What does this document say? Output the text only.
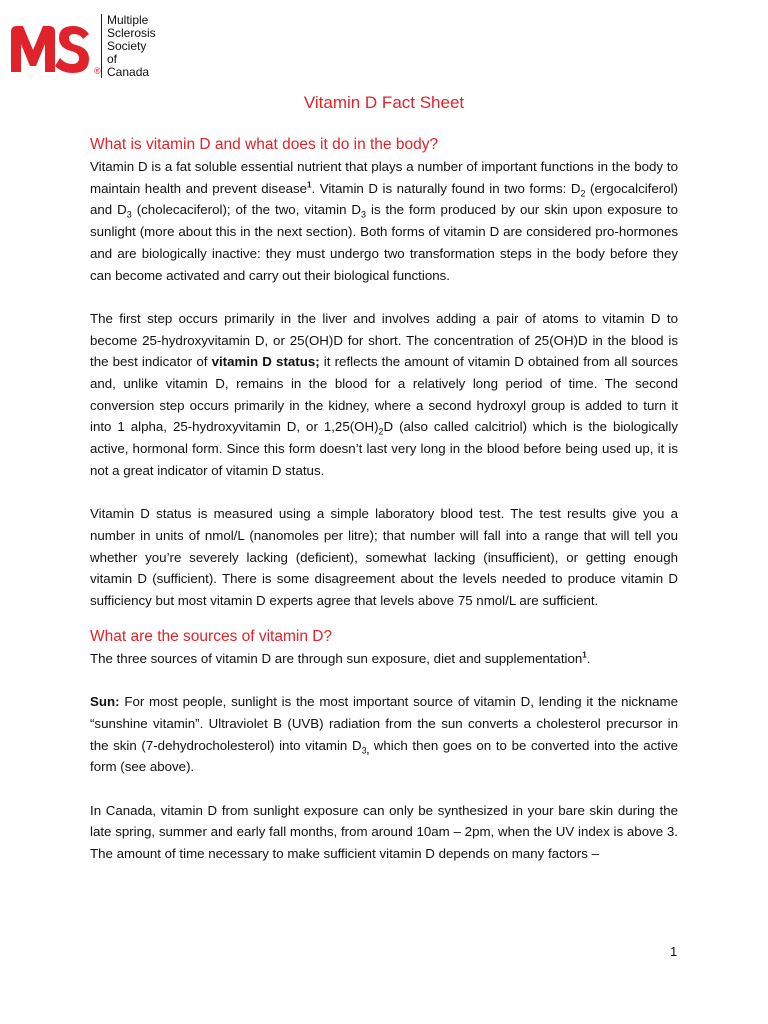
®
Multiple
Sclerosis
Society of
Canada
Vitamin D Fact Sheet
What is vitamin D and what does it do in the body?

Vitamin D is a fat soluble essential nutrient that plays a number of important functions in the body to maintain health and prevent disease$^1$. Vitamin D is naturally found in two forms: $D_2$ (ergocalciferol) and $D_3$ (cholecaciferol); of the two, vitamin $D_3$ is the form produced by our skin upon exposure to sunlight (more about this in the next section). Both forms of vitamin D are considered pro-hormones and are biologically inactive: they must undergo two transformation steps in the body before they can become activated and carry out their biological functions.

The first step occurs primarily in the liver and involves adding a pair of atoms to vitamin D to become 25-hydroxyvitamin D, or 25(OH)D for short. The concentration of 25(OH)D in the blood is the best indicator of vitamin D status; it reflects the amount of vitamin D obtained from all sources and, unlike vitamin D, remains in the blood for a relatively long period of time. The second conversion step occurs primarily in the kidney, where a second hydroxyl group is added to turn it into 1 alpha, 25-hydroxyvitamin D, or $1,25(OH)_2D$ (also called calcitriol) which is the biologically active, hormonal form. Since this form doesn’t last very long in the blood before being used up, it is not a great indicator of vitamin D status.

Vitamin D status is measured using a simple laboratory blood test. The test results give you a number in units of nmol/L (nanomoles per litre); that number will fall into a range that will tell you whether you’re severely lacking (deficient), somewhat lacking (insufficient), or getting enough vitamin D (sufficient). There is some disagreement about the levels needed to produce vitamin D sufficiency but most vitamin D experts agree that levels above 75 nmol/L are sufficient.

What are the sources of vitamin D?

The three sources of vitamin D are through sun exposure, diet and supplementation$^1$.

Sun: For most people, sunlight is the most important source of vitamin D, lending it the nickname “sunshine vitamin”. Ultraviolet B (UVB) radiation from the sun converts a cholesterol precursor in the skin (7-dehydrocholesterol) into vitamin $D_{3,}$ which then goes on to be converted into the active form (see above).

In Canada, vitamin D from sunlight exposure can only be synthesized in your bare skin during the late spring, summer and early fall months, from around 10am – 2pm, when the UV index is above 3. The amount of time necessary to make sufficient vitamin D depends on many factors –

1
